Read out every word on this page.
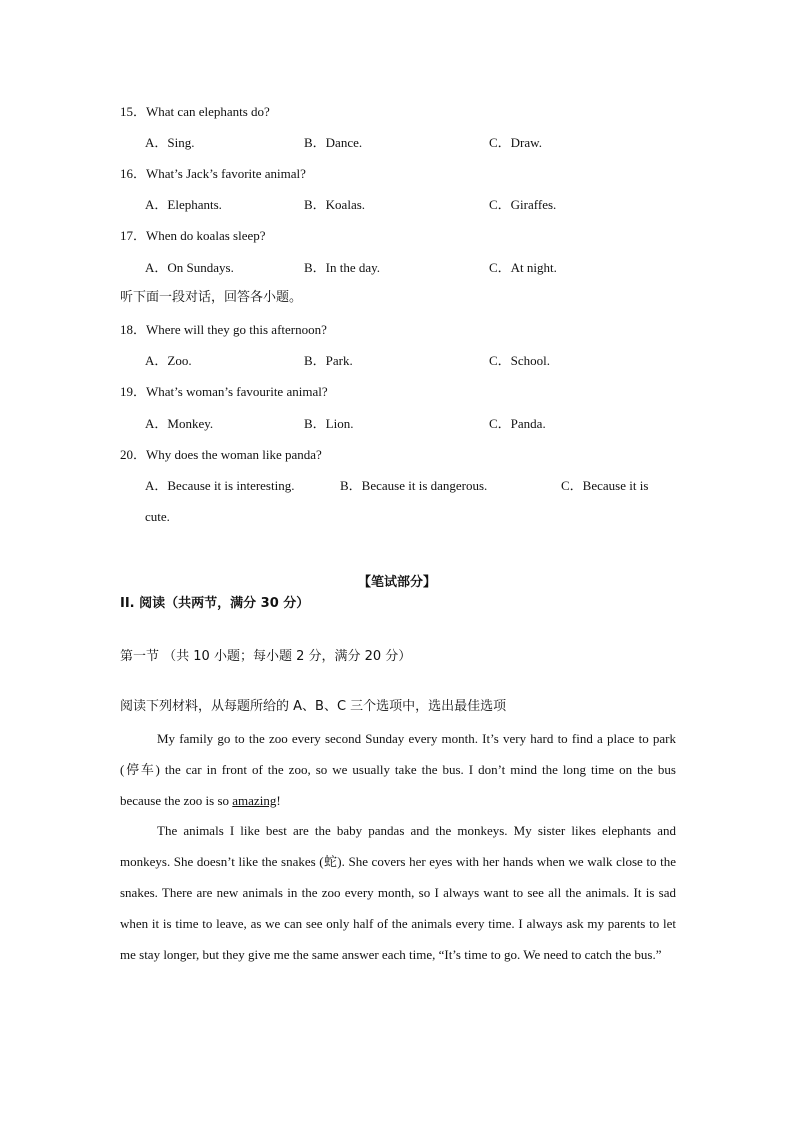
15．What can elephants do?
A．Sing.	B．Dance.	C．Draw.
16．What’s Jack’s favorite animal?
A．Elephants.	B．Koalas.	C．Giraffes.
17．When do koalas sleep?
A．On Sundays.	B．In the day.	C．At night.
听下面一段对话，回答各小题。
18．Where will they go this afternoon?
A．Zoo.	B．Park.	C．School.
19．What’s woman’s favourite animal?
A．Monkey.	B．Lion.	C．Panda.
20．Why does the woman like panda?
A．Because it is interesting.	B．Because it is dangerous.	C．Because it is
cute.
【笔试部分】
II. 阅读（共两节，满分 30 分）
第一节 （共 10 小题；每小题 2 分，满分 20 分）
阅读下列材料，从每题所给的 A、B、C 三个选项中，选出最佳选项
My family go to the zoo every second Sunday every month. It’s very hard to find a place to park (停车) the car in front of the zoo, so we usually take the bus. I don’t mind the long time on the bus because the zoo is so amazing!
The animals I like best are the baby pandas and the monkeys. My sister likes elephants and monkeys. She doesn’t like the snakes (蛇). She covers her eyes with her hands when we walk close to the snakes. There are new animals in the zoo every month, so I always want to see all the animals. It is sad when it is time to leave, as we can see only half of the animals every time. I always ask my parents to let me stay longer, but they give me the same answer each time, “It’s time to go. We need to catch the bus.”
